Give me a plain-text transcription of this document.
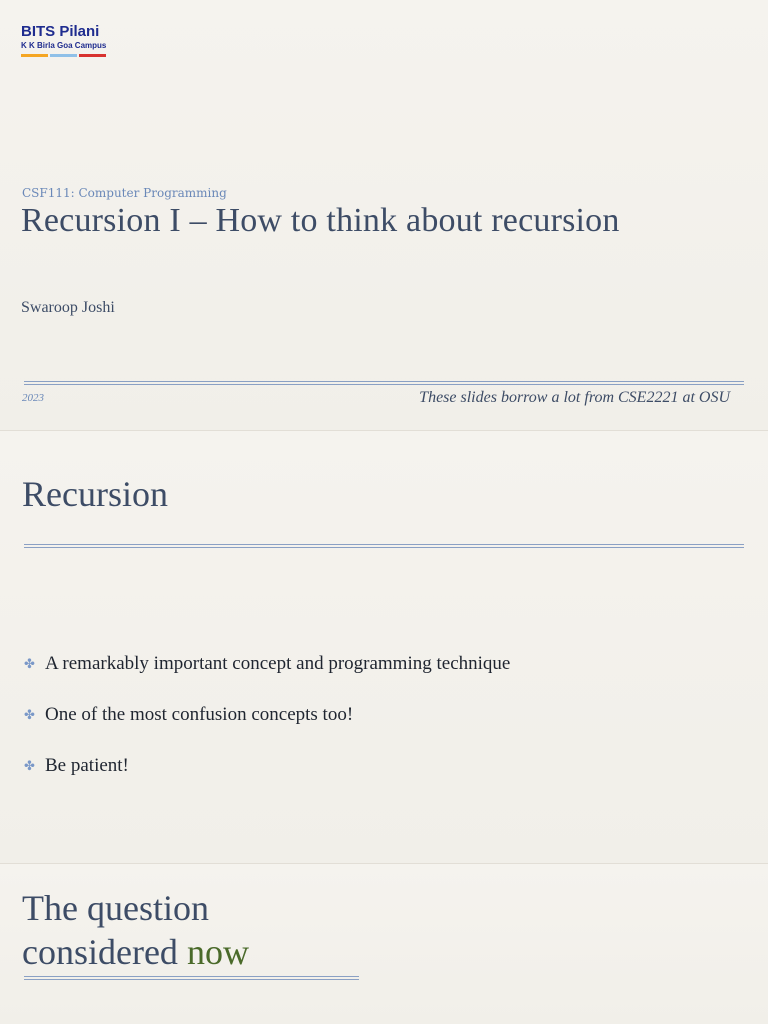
BITS Pilani
K K Birla Goa Campus
CSF111: Computer Programming
Recursion I – How to think about recursion
Swaroop Joshi
2023	These slides borrow a lot from CSE2221 at OSU
Recursion
✤ A remarkably important concept and programming technique
✤ One of the most confusion concepts too!
✤ Be patient!
The question
considered now
